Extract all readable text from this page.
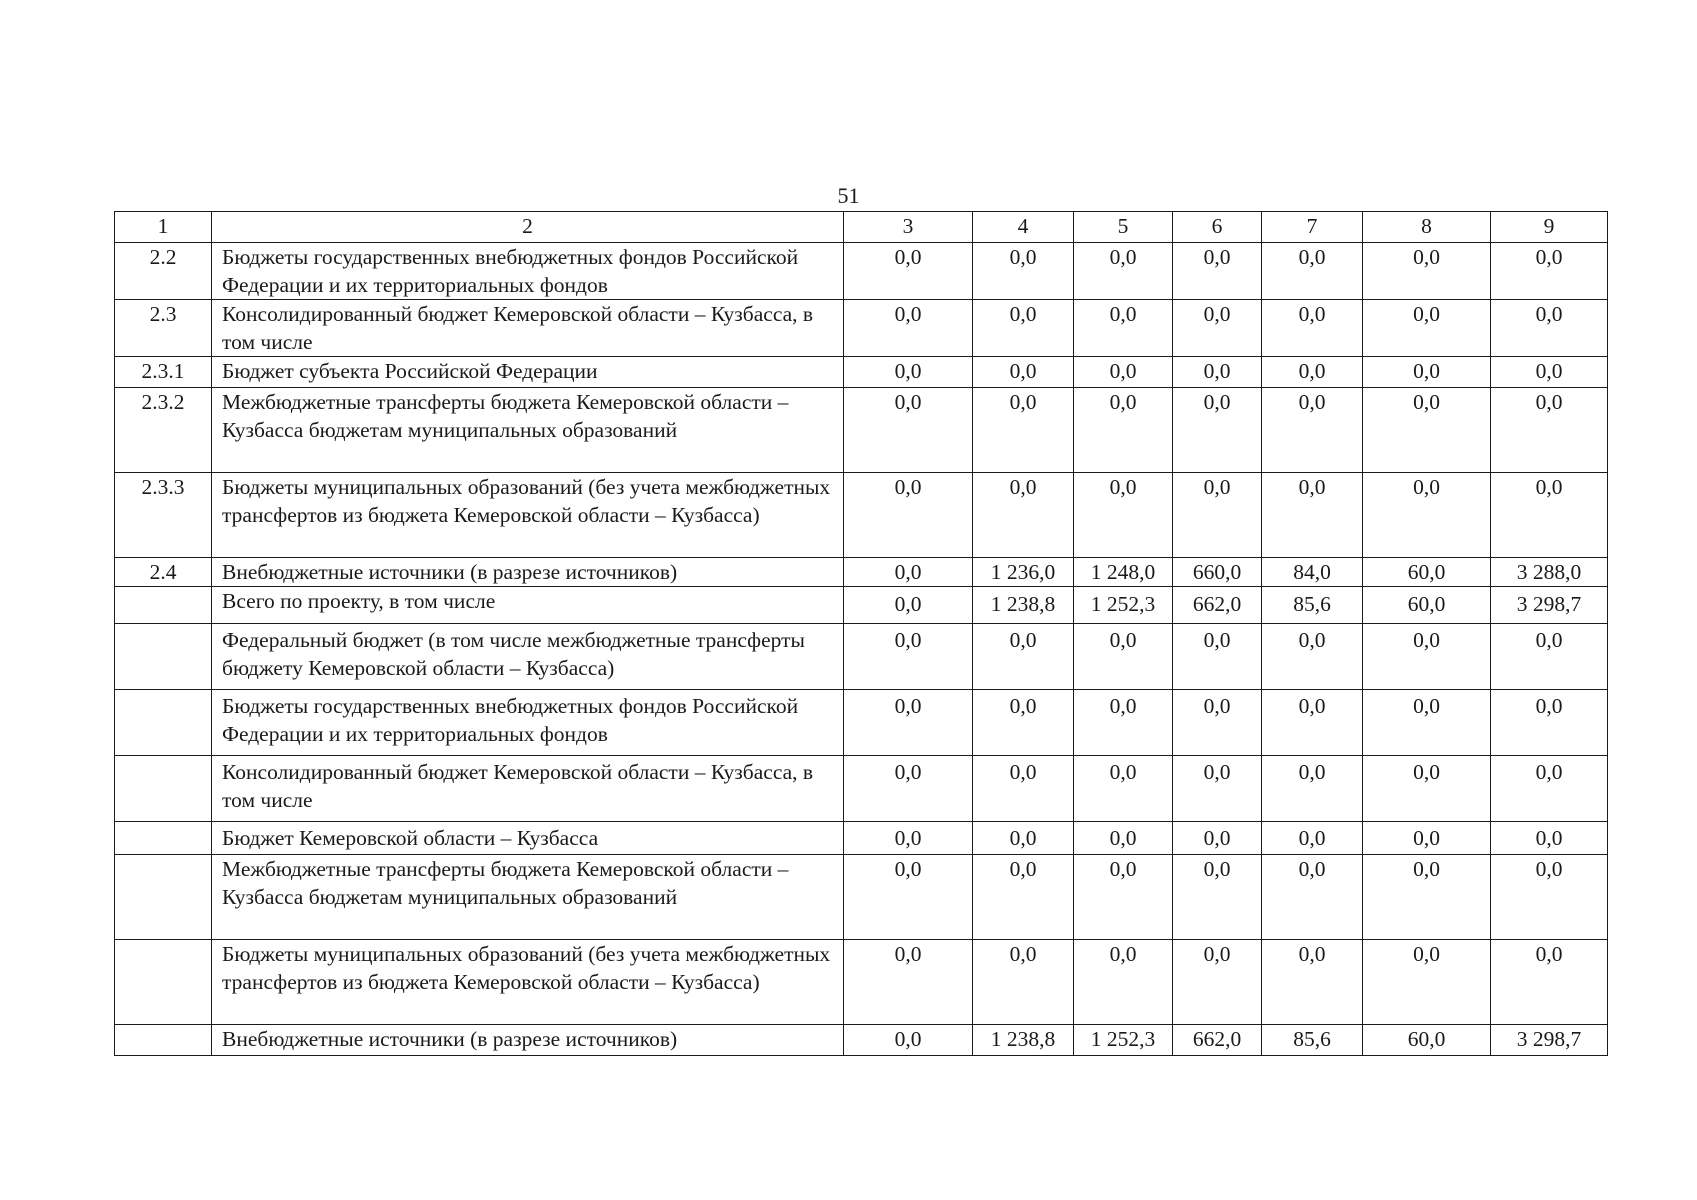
51
1	2	3	4	5	6	7	8	9
2.2	Бюджеты государственных внебюджетных фондов Российской Федерации и их территориальных фондов	0,0	0,0	0,0	0,0	0,0	0,0	0,0
2.3	Консолидированный бюджет Кемеровской области – Кузбасса, в том числе	0,0	0,0	0,0	0,0	0,0	0,0	0,0
2.3.1	Бюджет субъекта Российской Федерации	0,0	0,0	0,0	0,0	0,0	0,0	0,0
2.3.2	Межбюджетные трансферты бюджета Кемеровской области – Кузбасса бюджетам муниципальных образований	0,0	0,0	0,0	0,0	0,0	0,0	0,0
2.3.3	Бюджеты муниципальных образований (без учета межбюджетных трансфертов из бюджета Кемеровской области – Кузбасса)	0,0	0,0	0,0	0,0	0,0	0,0	0,0
2.4	Внебюджетные источники (в разрезе источников)	0,0	1 236,0	1 248,0	660,0	84,0	60,0	3 288,0
	Всего по проекту, в том числе	0,0	1 238,8	1 252,3	662,0	85,6	60,0	3 298,7
	Федеральный бюджет (в том числе межбюджетные трансферты бюджету Кемеровской области – Кузбасса)	0,0	0,0	0,0	0,0	0,0	0,0	0,0
	Бюджеты государственных внебюджетных фондов Российской Федерации и их территориальных фондов	0,0	0,0	0,0	0,0	0,0	0,0	0,0
	Консолидированный бюджет Кемеровской области – Кузбасса, в том числе	0,0	0,0	0,0	0,0	0,0	0,0	0,0
	Бюджет Кемеровской области – Кузбасса	0,0	0,0	0,0	0,0	0,0	0,0	0,0
	Межбюджетные трансферты бюджета Кемеровской области – Кузбасса бюджетам муниципальных образований	0,0	0,0	0,0	0,0	0,0	0,0	0,0
	Бюджеты муниципальных образований (без учета межбюджетных трансфертов из бюджета Кемеровской области – Кузбасса)	0,0	0,0	0,0	0,0	0,0	0,0	0,0
	Внебюджетные источники (в разрезе источников)	0,0	1 238,8	1 252,3	662,0	85,6	60,0	3 298,7
